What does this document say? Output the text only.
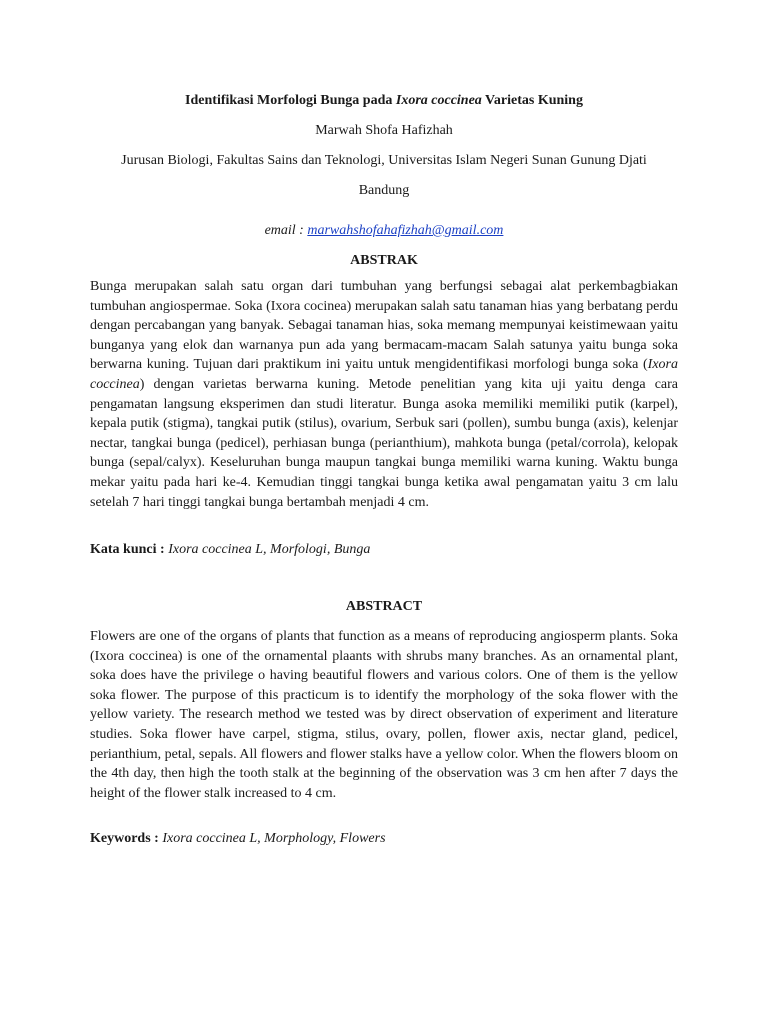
Identifikasi Morfologi Bunga pada Ixora coccinea Varietas Kuning
Marwah Shofa Hafizhah
Jurusan Biologi, Fakultas Sains dan Teknologi, Universitas Islam Negeri Sunan Gunung Djati
Bandung
email : marwahshofahafizhah@gmail.com
ABSTRAK
Bunga merupakan salah satu organ dari tumbuhan yang berfungsi sebagai alat perkembagbiakan tumbuhan angiospermae. Soka (Ixora cocinea) merupakan salah satu tanaman hias yang berbatang perdu dengan percabangan yang banyak. Sebagai tanaman hias, soka memang mempunyai keistimewaan yaitu bunganya yang elok dan warnanya pun ada yang bermacam-macam Salah satunya yaitu bunga soka berwarna kuning. Tujuan dari praktikum ini yaitu untuk mengidentifikasi morfologi bunga soka (Ixora coccinea) dengan varietas berwarna kuning. Metode penelitian yang kita uji yaitu denga cara pengamatan langsung eksperimen dan studi literatur. Bunga asoka memiliki memiliki putik (karpel), kepala putik (stigma), tangkai putik (stilus), ovarium, Serbuk sari (pollen), sumbu bunga (axis), kelenjar nectar, tangkai bunga (pedicel), perhiasan bunga (perianthium), mahkota bunga (petal/corrola), kelopak bunga (sepal/calyx). Keseluruhan bunga maupun tangkai bunga memiliki warna kuning. Waktu bunga mekar yaitu pada hari ke-4. Kemudian tinggi tangkai bunga ketika awal pengamatan yaitu 3 cm lalu setelah 7 hari tinggi tangkai bunga bertambah menjadi 4 cm.
Kata kunci : Ixora coccinea L, Morfologi, Bunga
ABSTRACT
Flowers are one of the organs of plants that function as a means of reproducing angiosperm plants. Soka (Ixora coccinea) is one of the ornamental plaants with shrubs many branches. As an ornamental plant, soka does have the privilege o having beautiful flowers and various colors. One of them is the yellow soka flower. The purpose of this practicum is to identify the morphology of the soka flower with the yellow variety. The research method we tested was by direct observation of experiment and literature studies. Soka flower have carpel, stigma, stilus, ovary, pollen, flower axis, nectar gland, pedicel, perianthium, petal, sepals. All flowers and flower stalks have a yellow color. When the flowers bloom on the 4th day, then high the tooth stalk at the beginning of the observation was 3 cm hen after 7 days the height of the flower stalk increased to 4 cm.
Keywords : Ixora coccinea L, Morphology, Flowers
